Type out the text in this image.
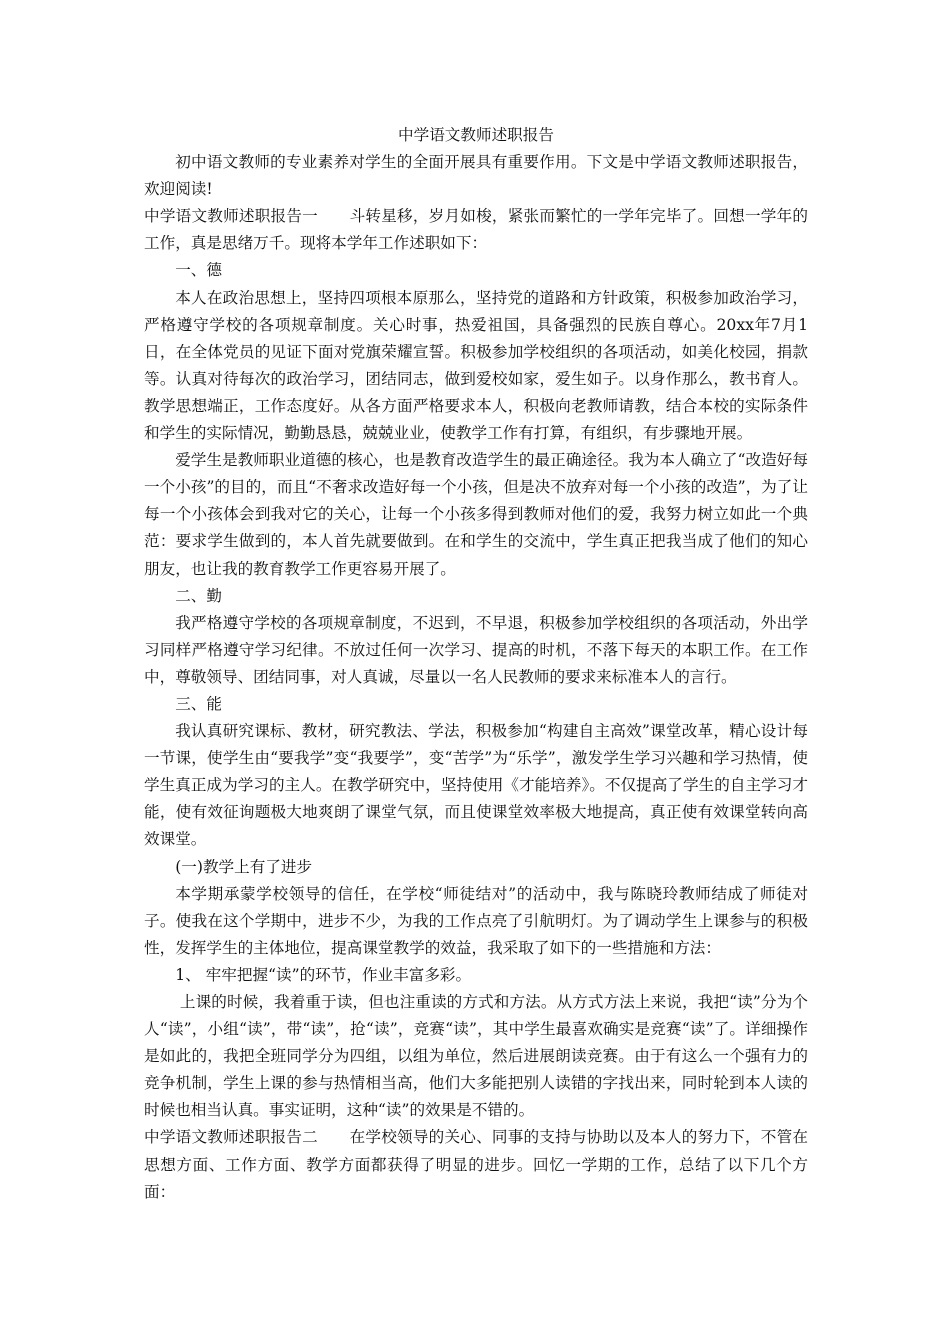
中学语文教师述职报告

初中语文教师的专业素养对学生的全面开展具有重要作用。下文是中学语文教师述职报告，欢迎阅读!

中学语文教师述职报告一　　斗转星移，岁月如梭，紧张而繁忙的一学年完毕了。回想一学年的工作，真是思绪万千。现将本学年工作述职如下：

一、德

本人在政治思想上，坚持四项根本原那么，坚持党的道路和方针政策，积极参加政治学习，严格遵守学校的各项规章制度。关心时事，热爱祖国，具备强烈的民族自尊心。20xx年7月1日，在全体党员的见证下面对党旗荣耀宣誓。积极参加学校组织的各项活动，如美化校园，捐款等。认真对待每次的政治学习，团结同志，做到爱校如家，爱生如子。以身作那么，教书育人。教学思想端正，工作态度好。从各方面严格要求本人，积极向老教师请教，结合本校的实际条件和学生的实际情况，勤勤恳恳，兢兢业业，使教学工作有打算，有组织，有步骤地开展。

爱学生是教师职业道德的核心，也是教育改造学生的最正确途径。我为本人确立了“改造好每一个小孩”的目的，而且“不奢求改造好每一个小孩，但是决不放弃对每一个小孩的改造”，为了让每一个小孩体会到我对它的关心，让每一个小孩多得到教师对他们的爱，我努力树立如此一个典范：要求学生做到的，本人首先就要做到。在和学生的交流中，学生真正把我当成了他们的知心朋友，也让我的教育教学工作更容易开展了。

二、勤

我严格遵守学校的各项规章制度，不迟到，不早退，积极参加学校组织的各项活动，外出学习同样严格遵守学习纪律。不放过任何一次学习、提高的时机，不落下每天的本职工作。在工作中，尊敬领导、团结同事，对人真诚，尽量以一名人民教师的要求来标准本人的言行。

三、能

我认真研究课标、教材，研究教法、学法，积极参加“构建自主高效”课堂改革，精心设计每一节课，使学生由“要我学”变“我要学”，变“苦学”为“乐学”，激发学生学习兴趣和学习热情，使学生真正成为学习的主人。在教学研究中，坚持使用《才能培养》。不仅提高了学生的自主学习才能，使有效征询题极大地爽朗了课堂气氛，而且使课堂效率极大地提高，真正使有效课堂转向高效课堂。

(一)教学上有了进步

本学期承蒙学校领导的信任，在学校“师徒结对”的活动中，我与陈晓玲教师结成了师徒对子。使我在这个学期中，进步不少，为我的工作点亮了引航明灯。为了调动学生上课参与的积极性，发挥学生的主体地位，提高课堂教学的效益，我采取了如下的一些措施和方法：

1、 牢牢把握“读”的环节，作业丰富多彩。

上课的时候，我着重于读，但也注重读的方式和方法。从方式方法上来说，我把“读”分为个人“读”，小组“读”，带“读”，抢“读”，竞赛“读”，其中学生最喜欢确实是竞赛“读”了。详细操作是如此的，我把全班同学分为四组，以组为单位，然后进展朗读竞赛。由于有这么一个强有力的竞争机制，学生上课的参与热情相当高，他们大多能把别人读错的字找出来，同时轮到本人读的时候也相当认真。事实证明，这种“读”的效果是不错的。

中学语文教师述职报告二　　在学校领导的关心、同事的支持与协助以及本人的努力下，不管在思想方面、工作方面、教学方面都获得了明显的进步。回忆一学期的工作，总结了以下几个方面：
